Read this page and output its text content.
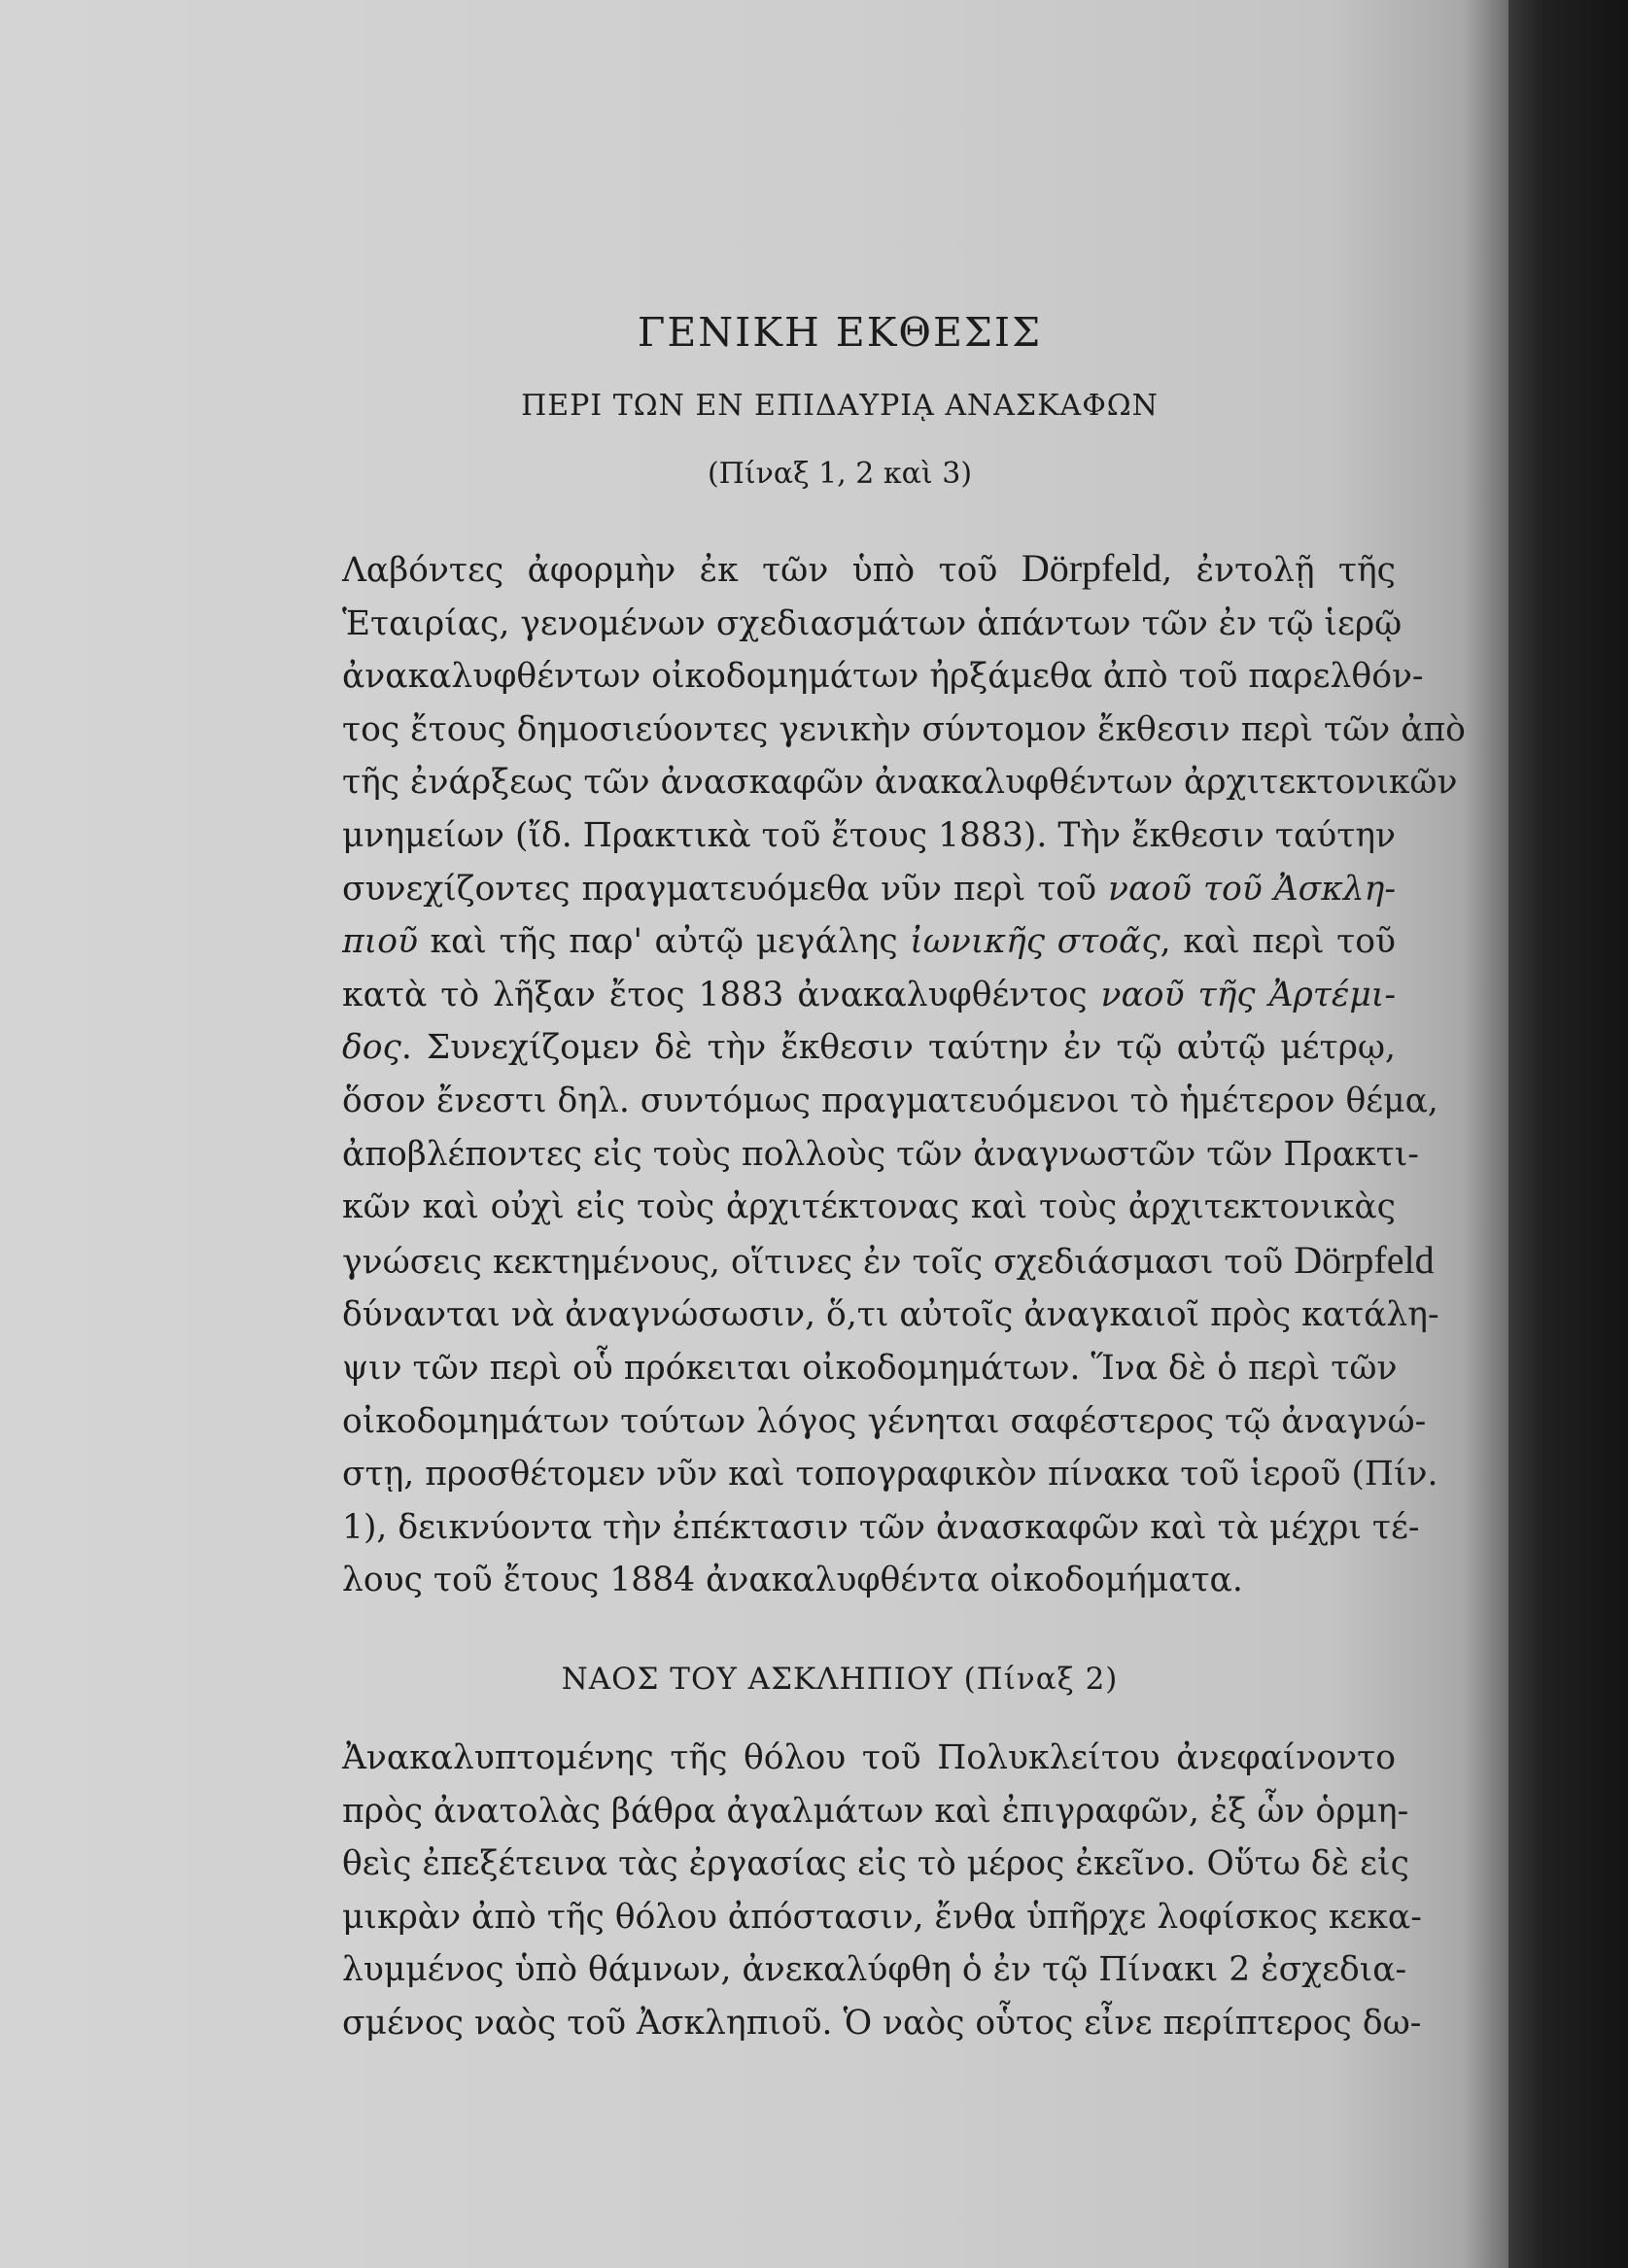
ΓΕΝΙΚΗ ΕΚΘΕΣΙΣ
ΠΕΡΙ ΤΩΝ ΕΝ ΕΠΙΔΑΥΡΙᾼ ΑΝΑΣΚΑΦΩΝ
(Πίναξ 1, 2 καὶ 3)
Λαβόντες ἀφορμὴν ἐκ τῶν ὑπὸ τοῦ Dörpfeld, ἐντολῇ τῆς
Ἑταιρίας, γενομένων σχεδιασμάτων ἁπάντων τῶν ἐν τῷ ἱερῷ
ἀνακαλυφθέντων οἰκοδομημάτων ἠρξάμεθα ἀπὸ τοῦ παρελθόν-
τος ἔτους δημοσιεύοντες γενικὴν σύντομον ἔκθεσιν περὶ τῶν ἀπὸ
τῆς ἐνάρξεως τῶν ἀνασκαφῶν ἀνακαλυφθέντων ἀρχιτεκτονικῶν
μνημείων (ἴδ. Πρακτικὰ τοῦ ἔτους 1883). Τὴν ἔκθεσιν ταύτην
συνεχίζοντες πραγματευόμεθα νῦν περὶ τοῦ ναοῦ τοῦ Ἀσκλη-
πιοῦ καὶ τῆς παρ' αὐτῷ μεγάλης ἰωνικῆς στοᾶς, καὶ περὶ τοῦ
κατὰ τὸ λῆξαν ἔτος 1883 ἀνακαλυφθέντος ναοῦ τῆς Ἀρτέμι-
δος. Συνεχίζομεν δὲ τὴν ἔκθεσιν ταύτην ἐν τῷ αὐτῷ μέτρῳ,
ὅσον ἔνεστι δηλ. συντόμως πραγματευόμενοι τὸ ἡμέτερον θέμα,
ἀποβλέποντες εἰς τοὺς πολλοὺς τῶν ἀναγνωστῶν τῶν Πρακτι-
κῶν καὶ οὐχὶ εἰς τοὺς ἀρχιτέκτονας καὶ τοὺς ἀρχιτεκτονικὰς
γνώσεις κεκτημένους, οἵτινες ἐν τοῖς σχεδιάσμασι τοῦ Dörpfeld
δύνανται νὰ ἀναγνώσωσιν, ὅ,τι αὐτοῖς ἀναγκαιοῖ πρὸς κατάλη-
ψιν τῶν περὶ οὗ πρόκειται οἰκοδομημάτων. Ἵνα δὲ ὁ περὶ τῶν
οἰκοδομημάτων τούτων λόγος γένηται σαφέστερος τῷ ἀναγνώ-
στῃ, προσθέτομεν νῦν καὶ τοπογραφικὸν πίνακα τοῦ ἱεροῦ (Πίν.
1), δεικνύοντα τὴν ἐπέκτασιν τῶν ἀνασκαφῶν καὶ τὰ μέχρι τέ-
λους τοῦ ἔτους 1884 ἀνακαλυφθέντα οἰκοδομήματα.
ΝΑΟΣ ΤΟΥ ΑΣΚΛΗΠΙΟΥ (Πίναξ 2)
Ἀνακαλυπτομένης τῆς θόλου τοῦ Πολυκλείτου ἀνεφαίνοντο
πρὸς ἀνατολὰς βάθρα ἀγαλμάτων καὶ ἐπιγραφῶν, ἐξ ὧν ὁρμη-
θεὶς ἐπεξέτεινα τὰς ἐργασίας εἰς τὸ μέρος ἐκεῖνο. Οὕτω δὲ εἰς
μικρὰν ἀπὸ τῆς θόλου ἀπόστασιν, ἔνθα ὑπῆρχε λοφίσκος κεκα-
λυμμένος ὑπὸ θάμνων, ἀνεκαλύφθη ὁ ἐν τῷ Πίνακι 2 ἐσχεδια-
σμένος ναὸς τοῦ Ἀσκληπιοῦ. Ὁ ναὸς οὗτος εἶνε περίπτερος δω-
